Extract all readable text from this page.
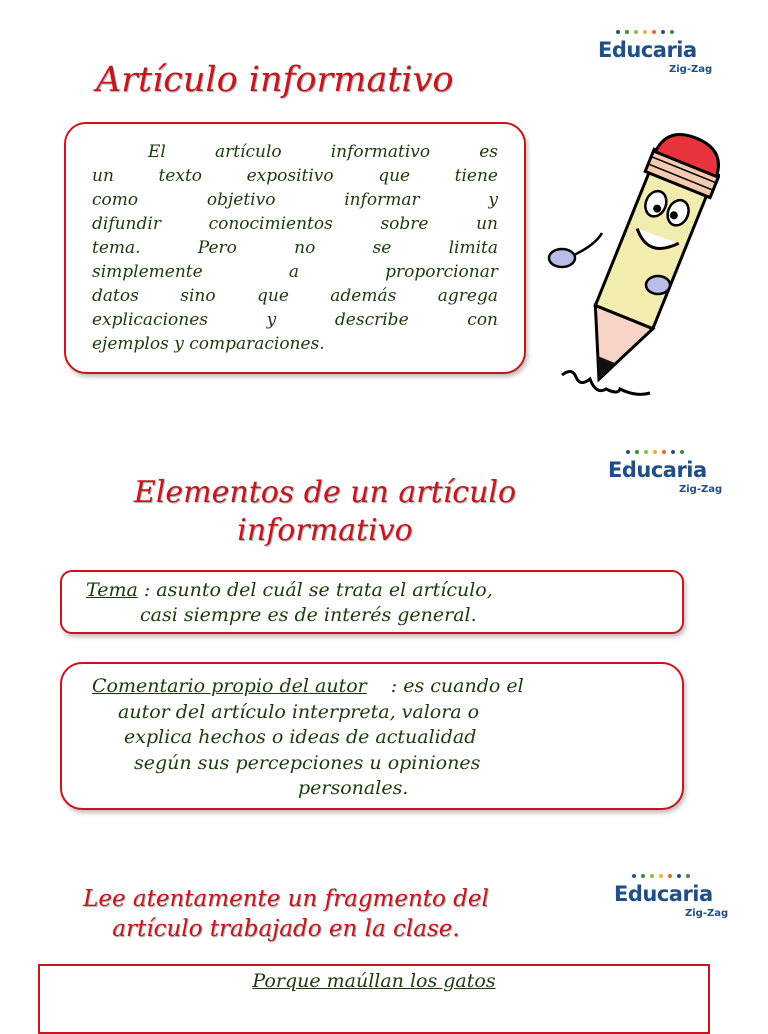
Educaria
Zig-Zag
Artículo informativo
El artículo informativo es
un texto expositivo que tiene
como objetivo informar y
difundir conocimientos sobre un
tema. Pero no se limita
simplemente a proporcionar
datos sino que además agrega
explicaciones y describe con
ejemplos y comparaciones.
Educaria
Zig-Zag
Elementos de un artículo
informativo
Tema : asunto del cuál se trata el artículo,
casi siempre es de interés general.
Comentario propio del autor : es cuando el
autor del artículo interpreta, valora o
explica hechos o ideas de actualidad
según sus percepciones u opiniones
personales.
Educaria
Zig-Zag
Lee atentamente un fragmento del
artículo trabajado en la clase.
Porque maúllan los gatos
